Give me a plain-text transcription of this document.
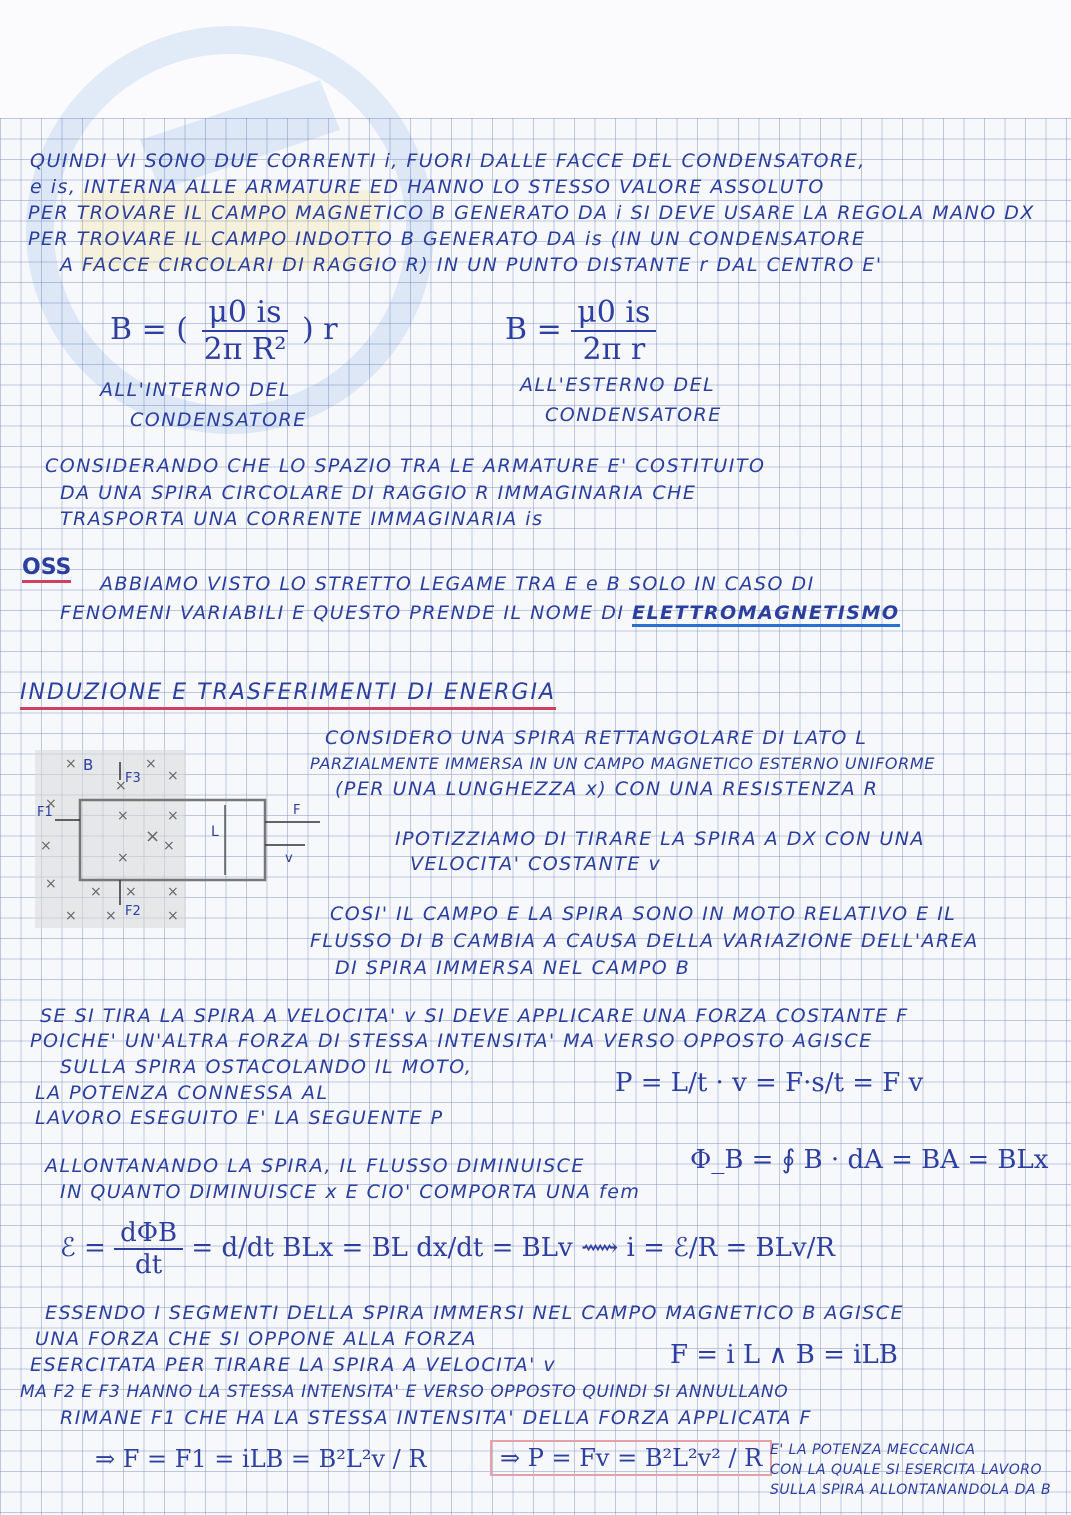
QUINDI VI SONO DUE CORRENTI i, FUORI DALLE FACCE DEL CONDENSATORE,
e is, INTERNA ALLE ARMATURE ED HANNO LO STESSO VALORE ASSOLUTO
PER TROVARE IL CAMPO MAGNETICO B GENERATO DA i SI DEVE USARE LA REGOLA MANO DX
PER TROVARE IL CAMPO INDOTTO B GENERATO DA is (IN UN CONDENSATORE
A FACCE CIRCOLARI DI RAGGIO R) IN UN PUNTO DISTANTE r DAL CENTRO E'
B = ( $\frac{\mu 0 is}{\text{2π R²}}$ ) r	$B = \frac{\mu 0 is}{\text{2π r}}$
ALL'INTERNO DEL
CONDENSATORE
ALL'ESTERNO DEL
CONDENSATORE
CONSIDERANDO CHE LO SPAZIO TRA LE ARMATURE E' COSTITUITO
DA UNA SPIRA CIRCOLARE DI RAGGIO R IMMAGINARIA CHE
TRASPORTA UNA CORRENTE IMMAGINARIA is
OSS
ABBIAMO VISTO LO STRETTO LEGAME TRA E e B SOLO IN CASO DI
FENOMENI VARIABILI E QUESTO PRENDE IL NOME DI ELETTROMAGNETISMO
INDUZIONE E TRASFERIMENTI DI ENERGIA
×
×
×
×
×
×	×
×
×
×
× × × ×
× ×	×
×
B
F3
F2
F1	F
v
L
CONSIDERO UNA SPIRA RETTANGOLARE DI LATO L
PARZIALMENTE IMMERSA IN UN CAMPO MAGNETICO ESTERNO UNIFORME
(PER UNA LUNGHEZZA x) CON UNA RESISTENZA R
IPOTIZZIAMO DI TIRARE LA SPIRA A DX CON UNA
VELOCITA' COSTANTE v
COSI' IL CAMPO E LA SPIRA SONO IN MOTO RELATIVO E IL
FLUSSO DI B CAMBIA A CAUSA DELLA VARIAZIONE DELL'AREA
DI SPIRA IMMERSA NEL CAMPO B
SE SI TIRA LA SPIRA A VELOCITA' v SI DEVE APPLICARE UNA FORZA COSTANTE F
POICHE' UN'ALTRA FORZA DI STESSA INTENSITA' MA VERSO OPPOSTO AGISCE
SULLA SPIRA OSTACOLANDO IL MOTO,
LA POTENZA CONNESSA AL
LAVORO ESEGUITO E' LA SEGUENTE P
P = L/t · v = F·s/t = F v
ALLONTANANDO LA SPIRA, IL FLUSSO DIMINUISCE
IN QUANTO DIMINUISCE x E CIO' COMPORTA UNA fem
Φ_B = ∮ B · dA = BA = BLx
ℰ = $\frac{\text{dΦB}}{dt} = d/dt$ BLx = BL dx/dt = BLv ⟿ i = ℰ/R = BLv/R
ESSENDO I SEGMENTI DELLA SPIRA IMMERSI NEL CAMPO MAGNETICO B AGISCE
UNA FORZA CHE SI OPPONE ALLA FORZA
ESERCITATA PER TIRARE LA SPIRA A VELOCITA' v	F = i L ∧ B = iLB
MA F2 E F3 HANNO LA STESSA INTENSITA' E VERSO OPPOSTO QUINDI SI ANNULLANO
RIMANE F1 CHE HA LA STESSA INTENSITA' DELLA FORZA APPLICATA F
⇒ F = F1 = iLB = B²L²v / R	⇒ P = Fv = B²L²v² / R E' LA POTENZA MECCANICA
CON LA QUALE SI ESERCITA LAVORO
SULLA SPIRA ALLONTANANDOLA DA B
